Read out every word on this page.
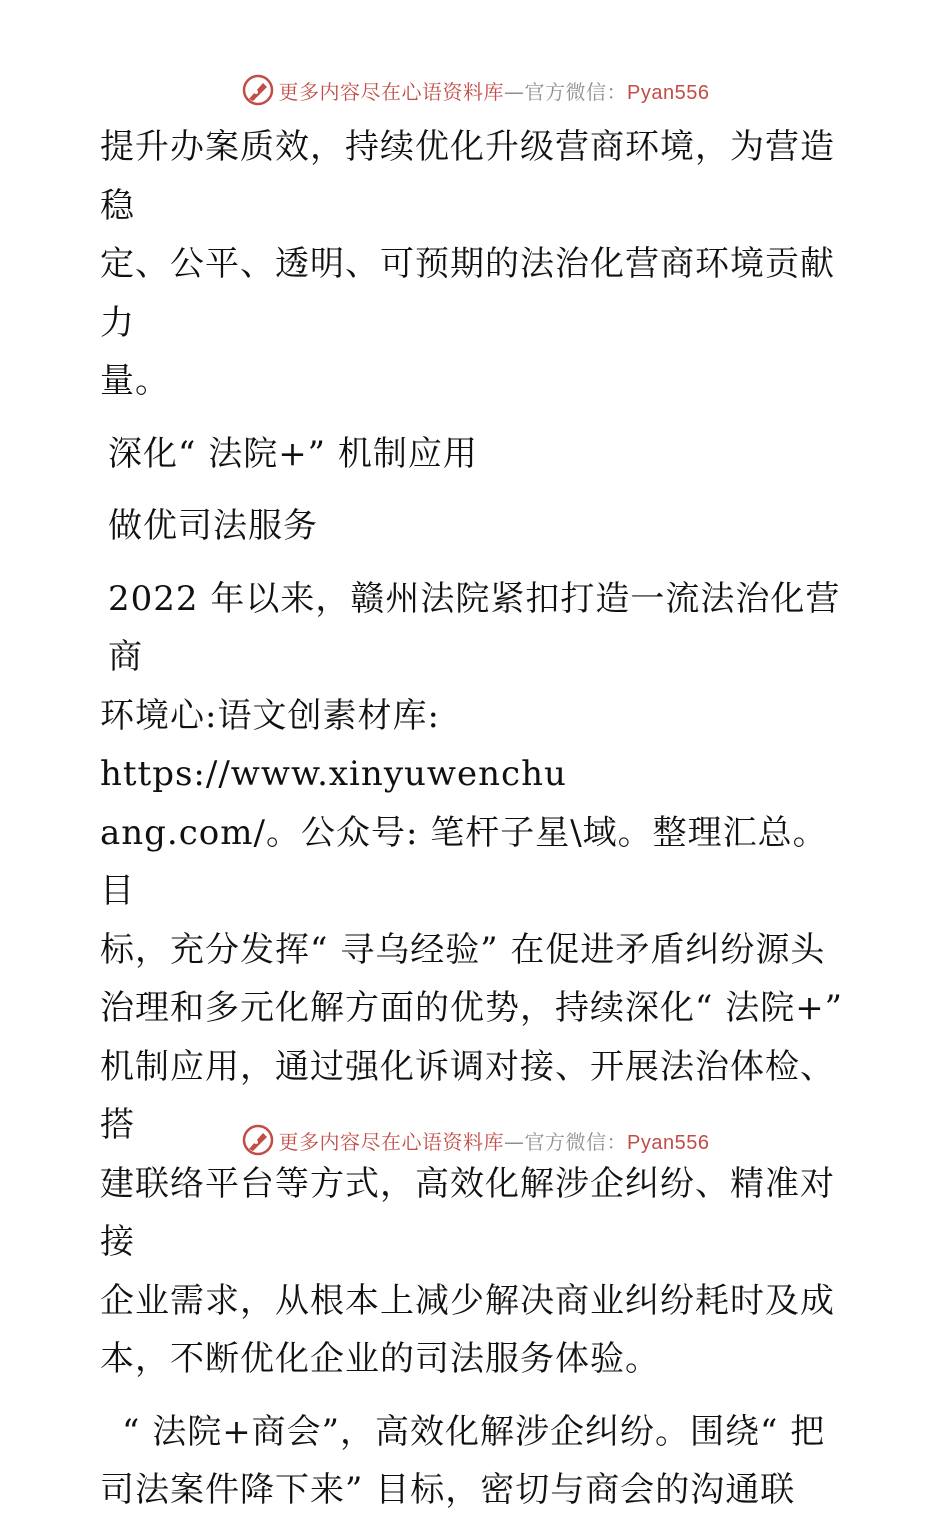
更多内容尽在心语资料库—官方微信：Pyan556

提升办案质效，持续优化升级营商环境，为营造稳

定、公平、透明、可预期的法治化营商环境贡献力

量。

深化“ 法院+” 机制应用

做优司法服务

2022 年以来，赣州法院紧扣打造一流法治化营商

环境心:语文创素材库: https://www.xinyuwenchu

ang.com/。公众号: 笔杆子星\域。整理汇总。目

标，充分发挥“ 寻乌经验” 在促进矛盾纠纷源头

治理和多元化解方面的优势，持续深化“ 法院+”

机制应用，通过强化诉调对接、开展法治体检、搭

建联络平台等方式，高效化解涉企纠纷、精准对接

企业需求，从根本上减少解决商业纠纷耗时及成

本，不断优化企业的司法服务体验。

“ 法院+商会”，高效化解涉企纠纷。围绕“ 把

司法案件降下来” 目标，密切与商会的沟通联

更多内容尽在心语资料库—官方微信：Pyan556
